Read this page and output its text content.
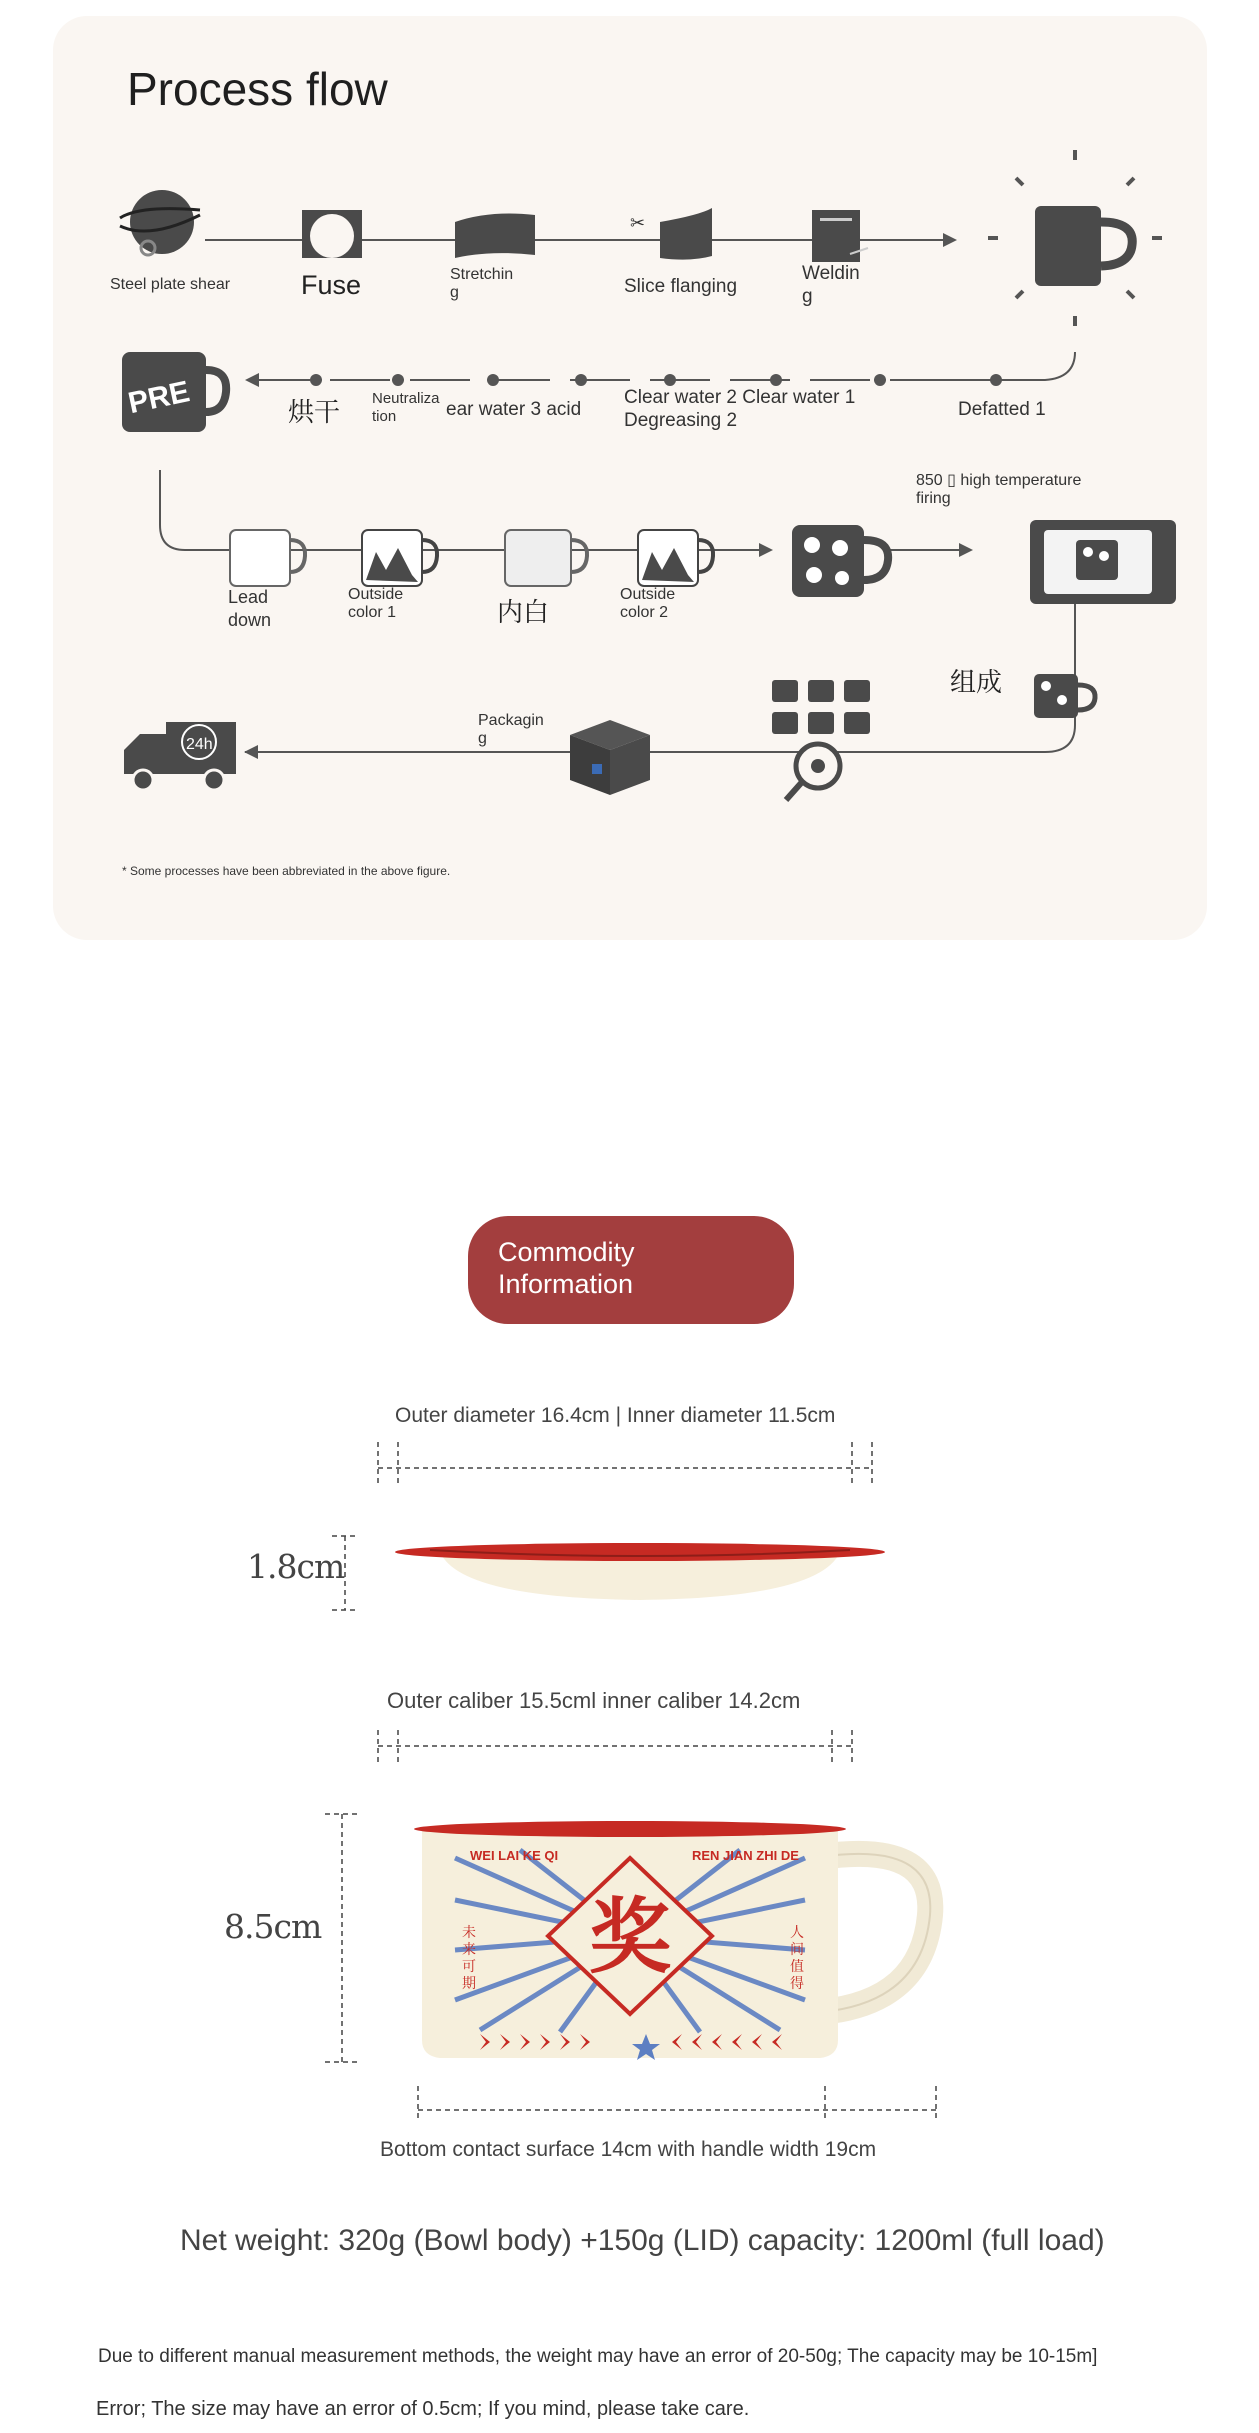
✂
PRE
24h
Process flow
Steel plate shear	Fuse	Stretchin
g	Slice flanging
Weldin
g
烘干 Neutraliza
tion	ear water 3 acid
Clear water 2 Clear water 1
Degreasing 2
Defatted 1
Lead
down
Outside
color 1	内白
Outside
color 2
850 ▯ high temperature
firing
组成
Packagin
g
* Some processes have been abbreviated in the above figure.
Commodity
Information
Outer diameter 16.4cm | Inner diameter 11.5cm
奖
WEI LAI KE QI	REN JIAN ZHI DE
未来可期
人间值得
1.8cm
Outer caliber 15.5cml inner caliber 14.2cm
8.5cm
Bottom contact surface 14cm with handle width 19cm
Net weight: 320g (Bowl body) +150g (LID) capacity: 1200ml (full load)
Due to different manual measurement methods, the weight may have an error of 20-50g; The capacity may be 10-15m]
Error; The size may have an error of 0.5cm; If you mind, please take care.
